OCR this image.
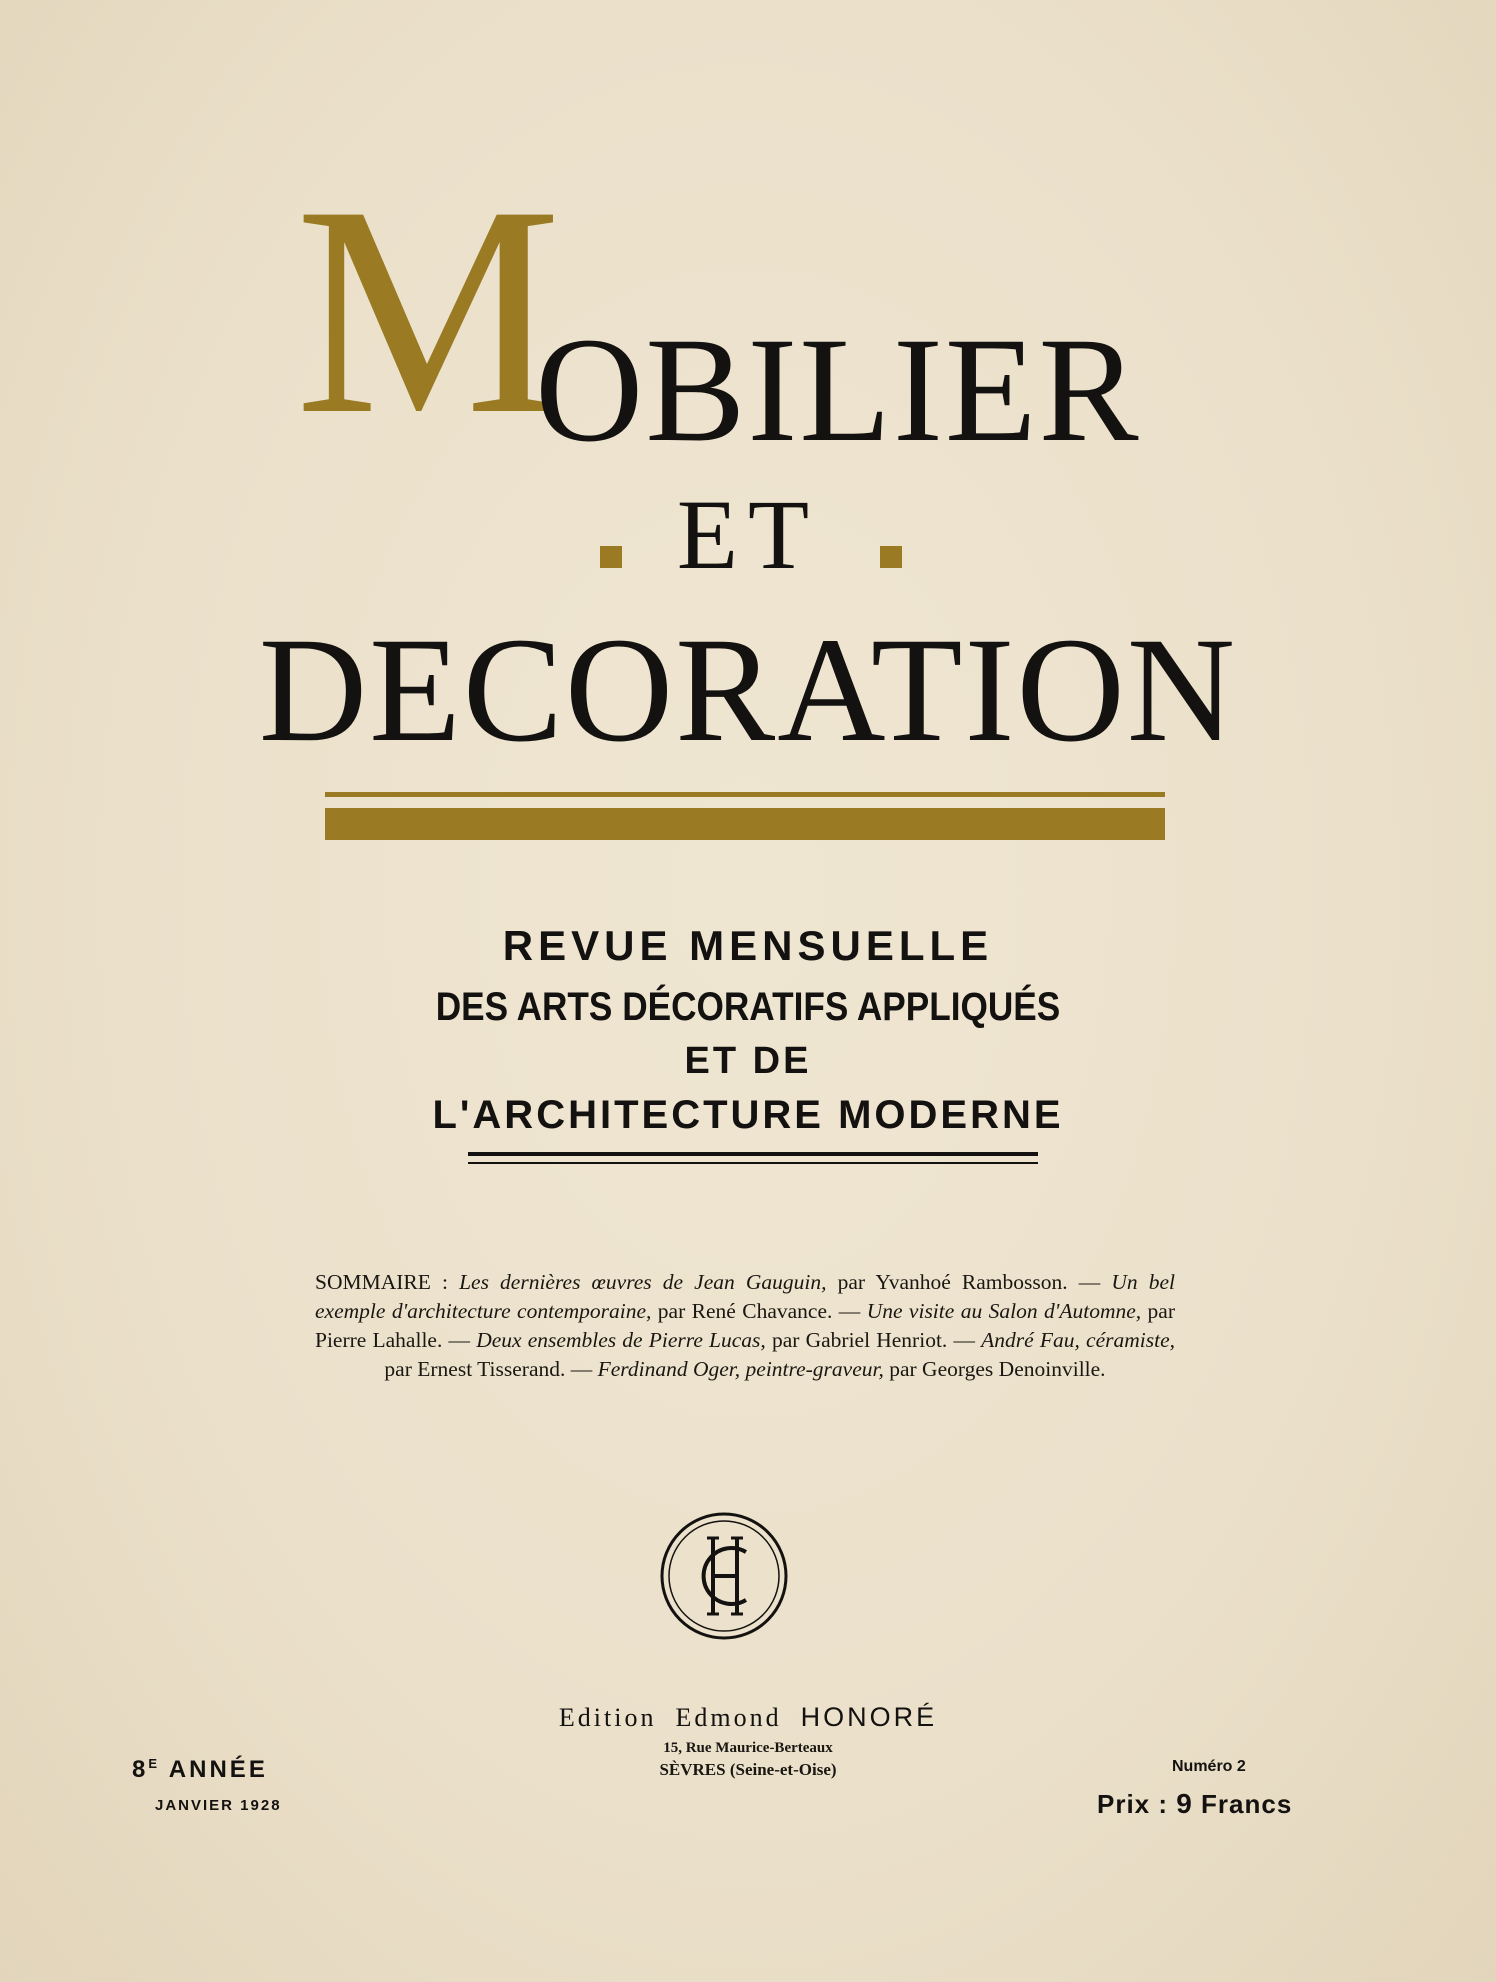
M
OBILIER
ET
DECORATION
REVUE MENSUELLE
DES ARTS DÉCORATIFS APPLIQUÉS
ET DE
L'ARCHITECTURE MODERNE
SOMMAIRE : Les dernières œuvres de Jean Gauguin, par Yvanhoé Rambosson. — Un bel exemple d'architecture contemporaine, par René Chavance. — Une visite au Salon d'Automne, par Pierre Lahalle. — Deux ensembles de Pierre Lucas, par Gabriel Henriot. — André Fau, céramiste, par Ernest Tisserand. — Ferdinand Oger, peintre-graveur, par Georges Denoinville.
Edition Edmond HONORÉ
15, Rue Maurice-Berteaux
SÈVRES (Seine-et-Oise)
$8^E$ ANNÉE
JANVIER 1928
Numéro 2
Prix : 9 Francs
